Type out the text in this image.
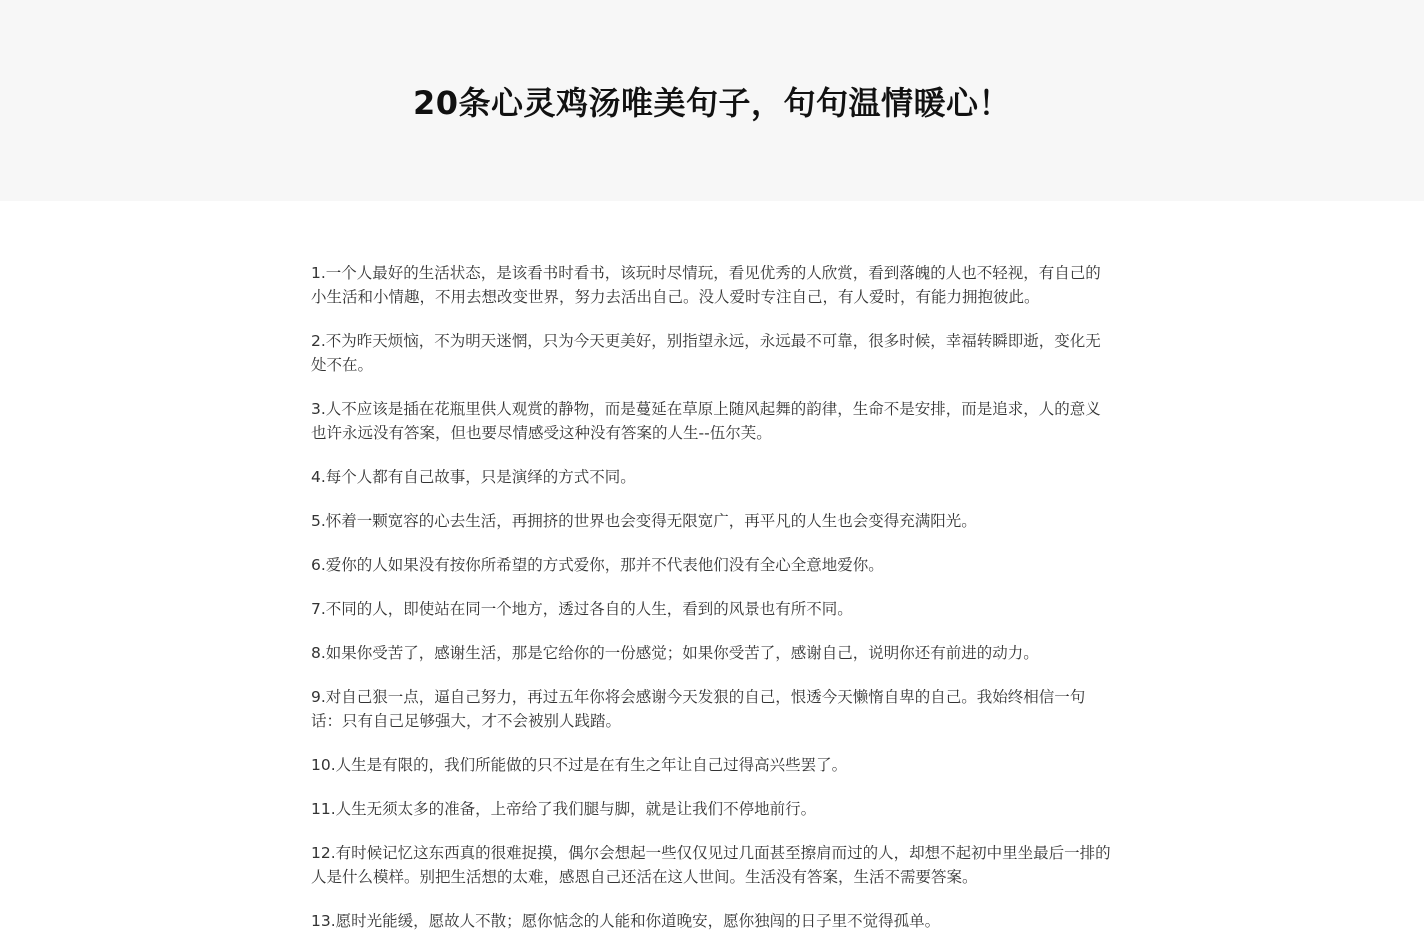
20条心灵鸡汤唯美句子，句句温情暖心！

1.一个人最好的生活状态，是该看书时看书，该玩时尽情玩，看见优秀的人欣赏，看到落魄的人也不轻视，有自己的小生活和小情趣，不用去想改变世界，努力去活出自己。没人爱时专注自己，有人爱时，有能力拥抱彼此。

2.不为昨天烦恼，不为明天迷惘，只为今天更美好，别指望永远，永远最不可靠，很多时候，幸福转瞬即逝，变化无处不在。

3.人不应该是插在花瓶里供人观赏的静物，而是蔓延在草原上随风起舞的韵律，生命不是安排，而是追求，人的意义也许永远没有答案，但也要尽情感受这种没有答案的人生--伍尔芙。

4.每个人都有自己故事，只是演绎的方式不同。

5.怀着一颗宽容的心去生活，再拥挤的世界也会变得无限宽广，再平凡的人生也会变得充满阳光。

6.爱你的人如果没有按你所希望的方式爱你，那并不代表他们没有全心全意地爱你。

7.不同的人，即使站在同一个地方，透过各自的人生，看到的风景也有所不同。

8.如果你受苦了，感谢生活，那是它给你的一份感觉；如果你受苦了，感谢自己，说明你还有前进的动力。

9.对自己狠一点，逼自己努力，再过五年你将会感谢今天发狠的自己，恨透今天懒惰自卑的自己。我始终相信一句话：只有自己足够强大，才不会被别人践踏。

10.人生是有限的，我们所能做的只不过是在有生之年让自己过得高兴些罢了。

11.人生无须太多的准备，上帝给了我们腿与脚，就是让我们不停地前行。

12.有时候记忆这东西真的很难捉摸，偶尔会想起一些仅仅见过几面甚至擦肩而过的人，却想不起初中里坐最后一排的人是什么模样。别把生活想的太难，感恩自己还活在这人世间。生活没有答案，生活不需要答案。

13.愿时光能缓，愿故人不散；愿你惦念的人能和你道晚安，愿你独闯的日子里不觉得孤单。
